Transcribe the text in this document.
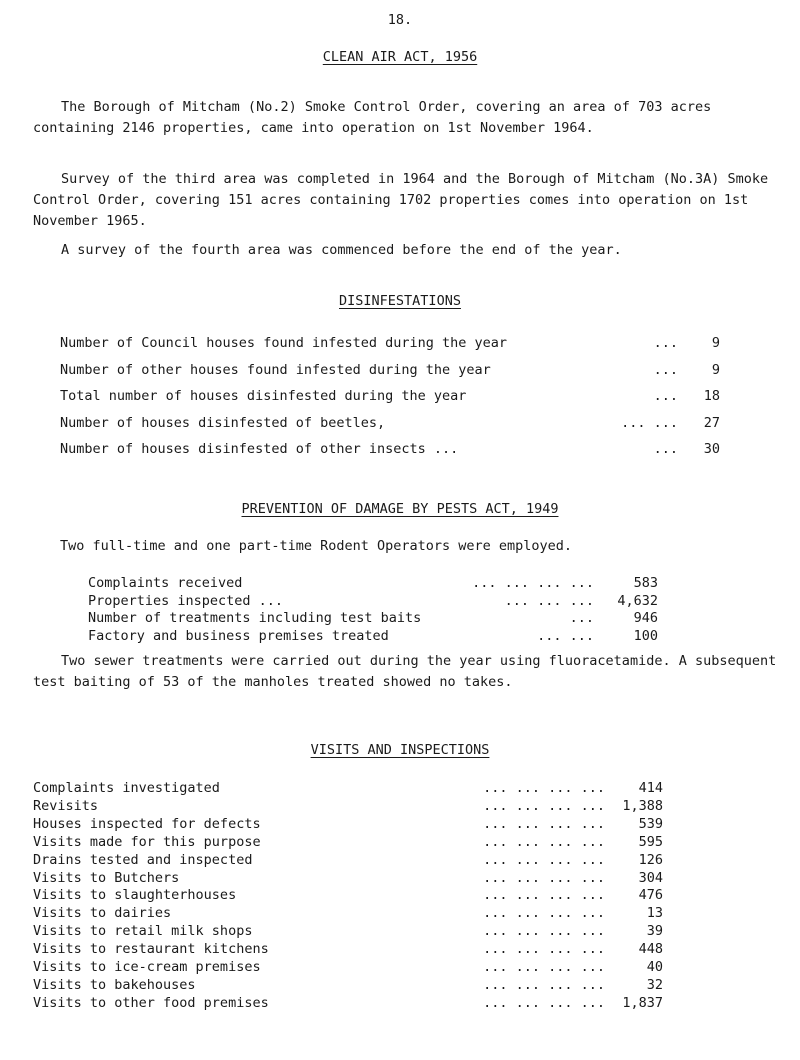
18.
CLEAN AIR ACT, 1956
The Borough of Mitcham (No.2) Smoke Control Order, covering an area of 703 acres containing 2146 properties, came into operation on 1st November 1964.
Survey of the third area was completed in 1964 and the Borough of Mitcham (No.3A) Smoke Control Order, covering 151 acres containing 1702 properties comes into operation on 1st November 1965.
A survey of the fourth area was commenced before the end of the year.
DISINFESTATIONS
Number of Council houses found infested during the year	...	9
Number of other houses found infested during the year	...	9
Total number of houses disinfested during the year	...	18
Number of houses disinfested of beetles,	... ...	27
Number of houses disinfested of other insects ...	...	30
PREVENTION OF DAMAGE BY PESTS ACT, 1949
Two full-time and one part-time Rodent Operators were employed.
Complaints received	... ... ... ...	583
Properties inspected ...	... ... ...	4,632
Number of treatments including test baits	...	946
Factory and business premises treated	... ...	100
Two sewer treatments were carried out during the year using fluoracetamide. A subsequent test baiting of 53 of the manholes treated showed no takes.
VISITS AND INSPECTIONS
Complaints investigated	... ... ... ...	414
Revisits	... ... ... ...	1,388
Houses inspected for defects	... ... ... ...	539
Visits made for this purpose	... ... ... ...	595
Drains tested and inspected	... ... ... ...	126
Visits to Butchers	... ... ... ...	304
Visits to slaughterhouses	... ... ... ...	476
Visits to dairies	... ... ... ...	13
Visits to retail milk shops	... ... ... ...	39
Visits to restaurant kitchens	... ... ... ...	448
Visits to ice-cream premises	... ... ... ...	40
Visits to bakehouses	... ... ... ...	32
Visits to other food premises	... ... ... ...	1,837
